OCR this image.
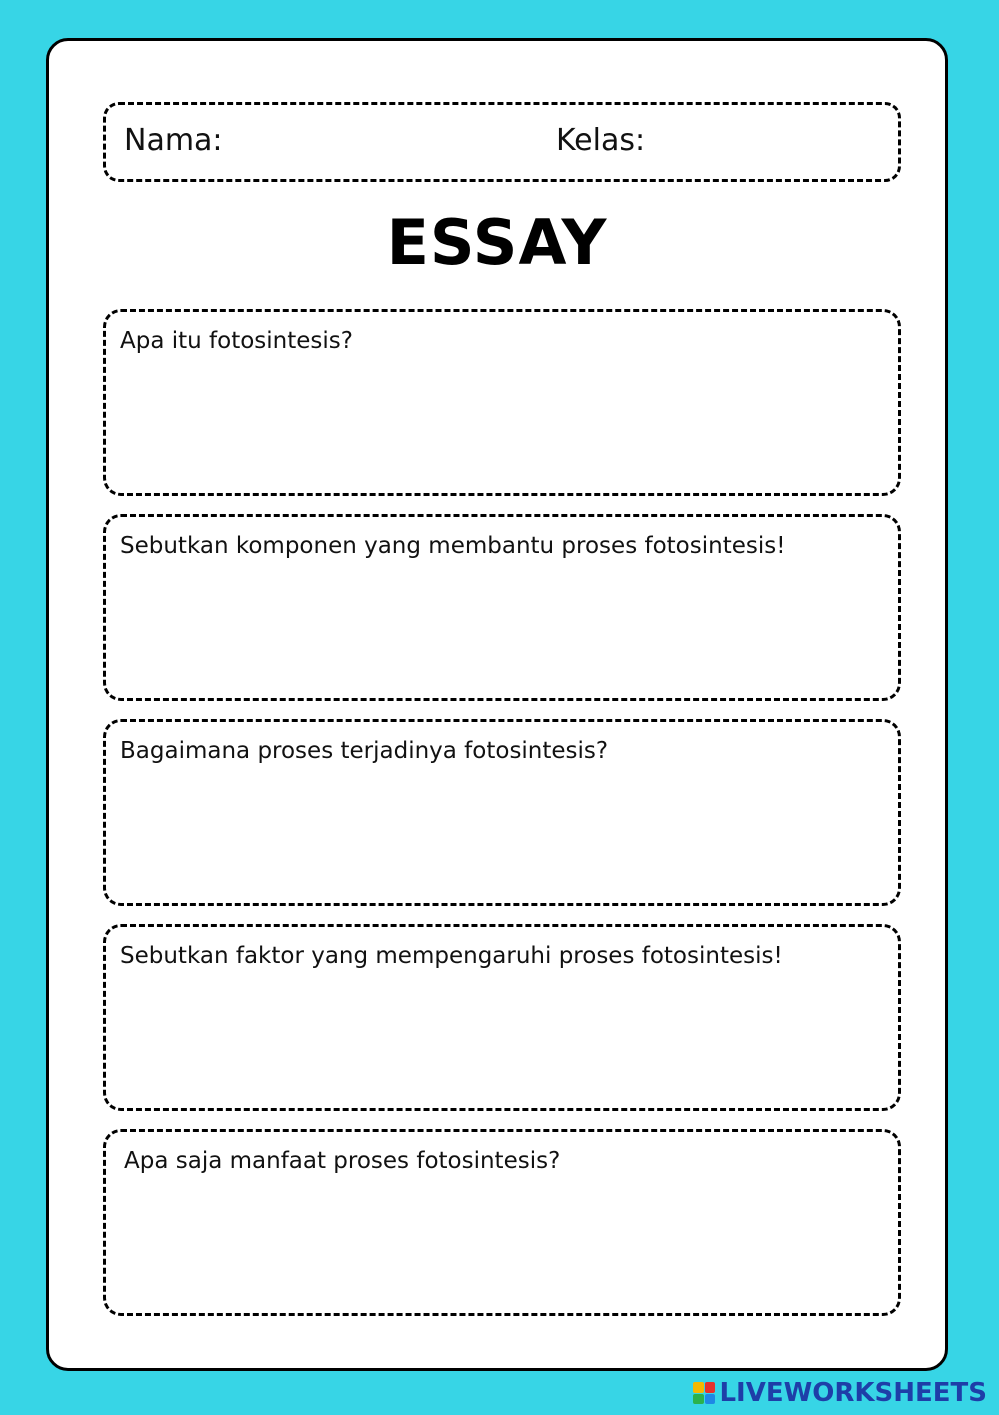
Nama:	Kelas:
ESSAY
Apa itu fotosintesis?
Sebutkan komponen yang membantu proses fotosintesis!
Bagaimana proses terjadinya fotosintesis?
Sebutkan faktor yang mempengaruhi proses fotosintesis!
Apa saja manfaat proses fotosintesis?
LIVEWORKSHEETS
